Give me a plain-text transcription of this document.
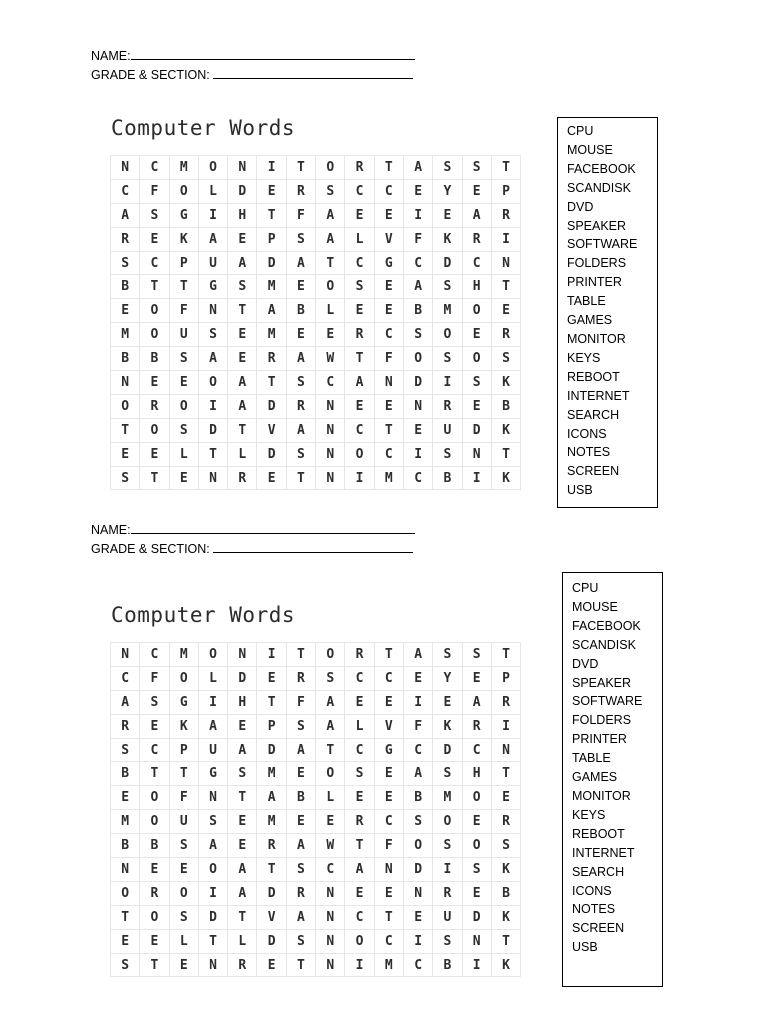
NAME:
GRADE & SECTION:
Computer Words
N	C	M	O	N	I	T	O	R	T	A	S	S	T
C	F	O	L	D	E	R	S	C	C	E	Y	E	P
A	S	G	I	H	T	F	A	E	E	I	E	A	R
R	E	K	A	E	P	S	A	L	V	F	K	R	I
S	C	P	U	A	D	A	T	C	G	C	D	C	N
B	T	T	G	S	M	E	O	S	E	A	S	H	T
E	O	F	N	T	A	B	L	E	E	B	M	O	E
M	O	U	S	E	M	E	E	R	C	S	O	E	R
B	B	S	A	E	R	A	W	T	F	O	S	O	S
N	E	E	O	A	T	S	C	A	N	D	I	S	K
O	R	O	I	A	D	R	N	E	E	N	R	E	B
T	O	S	D	T	V	A	N	C	T	E	U	D	K
E	E	L	T	L	D	S	N	O	C	I	S	N	T
S	T	E	N	R	E	T	N	I	M	C	B	I	K
CPU
MOUSE
FACEBOOK
SCANDISK
DVD
SPEAKER
SOFTWARE
FOLDERS
PRINTER
TABLE
GAMES
MONITOR
KEYS
REBOOT
INTERNET
SEARCH
ICONS
NOTES
SCREEN
USB
NAME:
GRADE & SECTION:
Computer Words
N	C	M	O	N	I	T	O	R	T	A	S	S	T
C	F	O	L	D	E	R	S	C	C	E	Y	E	P
A	S	G	I	H	T	F	A	E	E	I	E	A	R
R	E	K	A	E	P	S	A	L	V	F	K	R	I
S	C	P	U	A	D	A	T	C	G	C	D	C	N
B	T	T	G	S	M	E	O	S	E	A	S	H	T
E	O	F	N	T	A	B	L	E	E	B	M	O	E
M	O	U	S	E	M	E	E	R	C	S	O	E	R
B	B	S	A	E	R	A	W	T	F	O	S	O	S
N	E	E	O	A	T	S	C	A	N	D	I	S	K
O	R	O	I	A	D	R	N	E	E	N	R	E	B
T	O	S	D	T	V	A	N	C	T	E	U	D	K
E	E	L	T	L	D	S	N	O	C	I	S	N	T
S	T	E	N	R	E	T	N	I	M	C	B	I	K
CPU
MOUSE
FACEBOOK
SCANDISK
DVD
SPEAKER
SOFTWARE
FOLDERS
PRINTER
TABLE
GAMES
MONITOR
KEYS
REBOOT
INTERNET
SEARCH
ICONS
NOTES
SCREEN
USB
